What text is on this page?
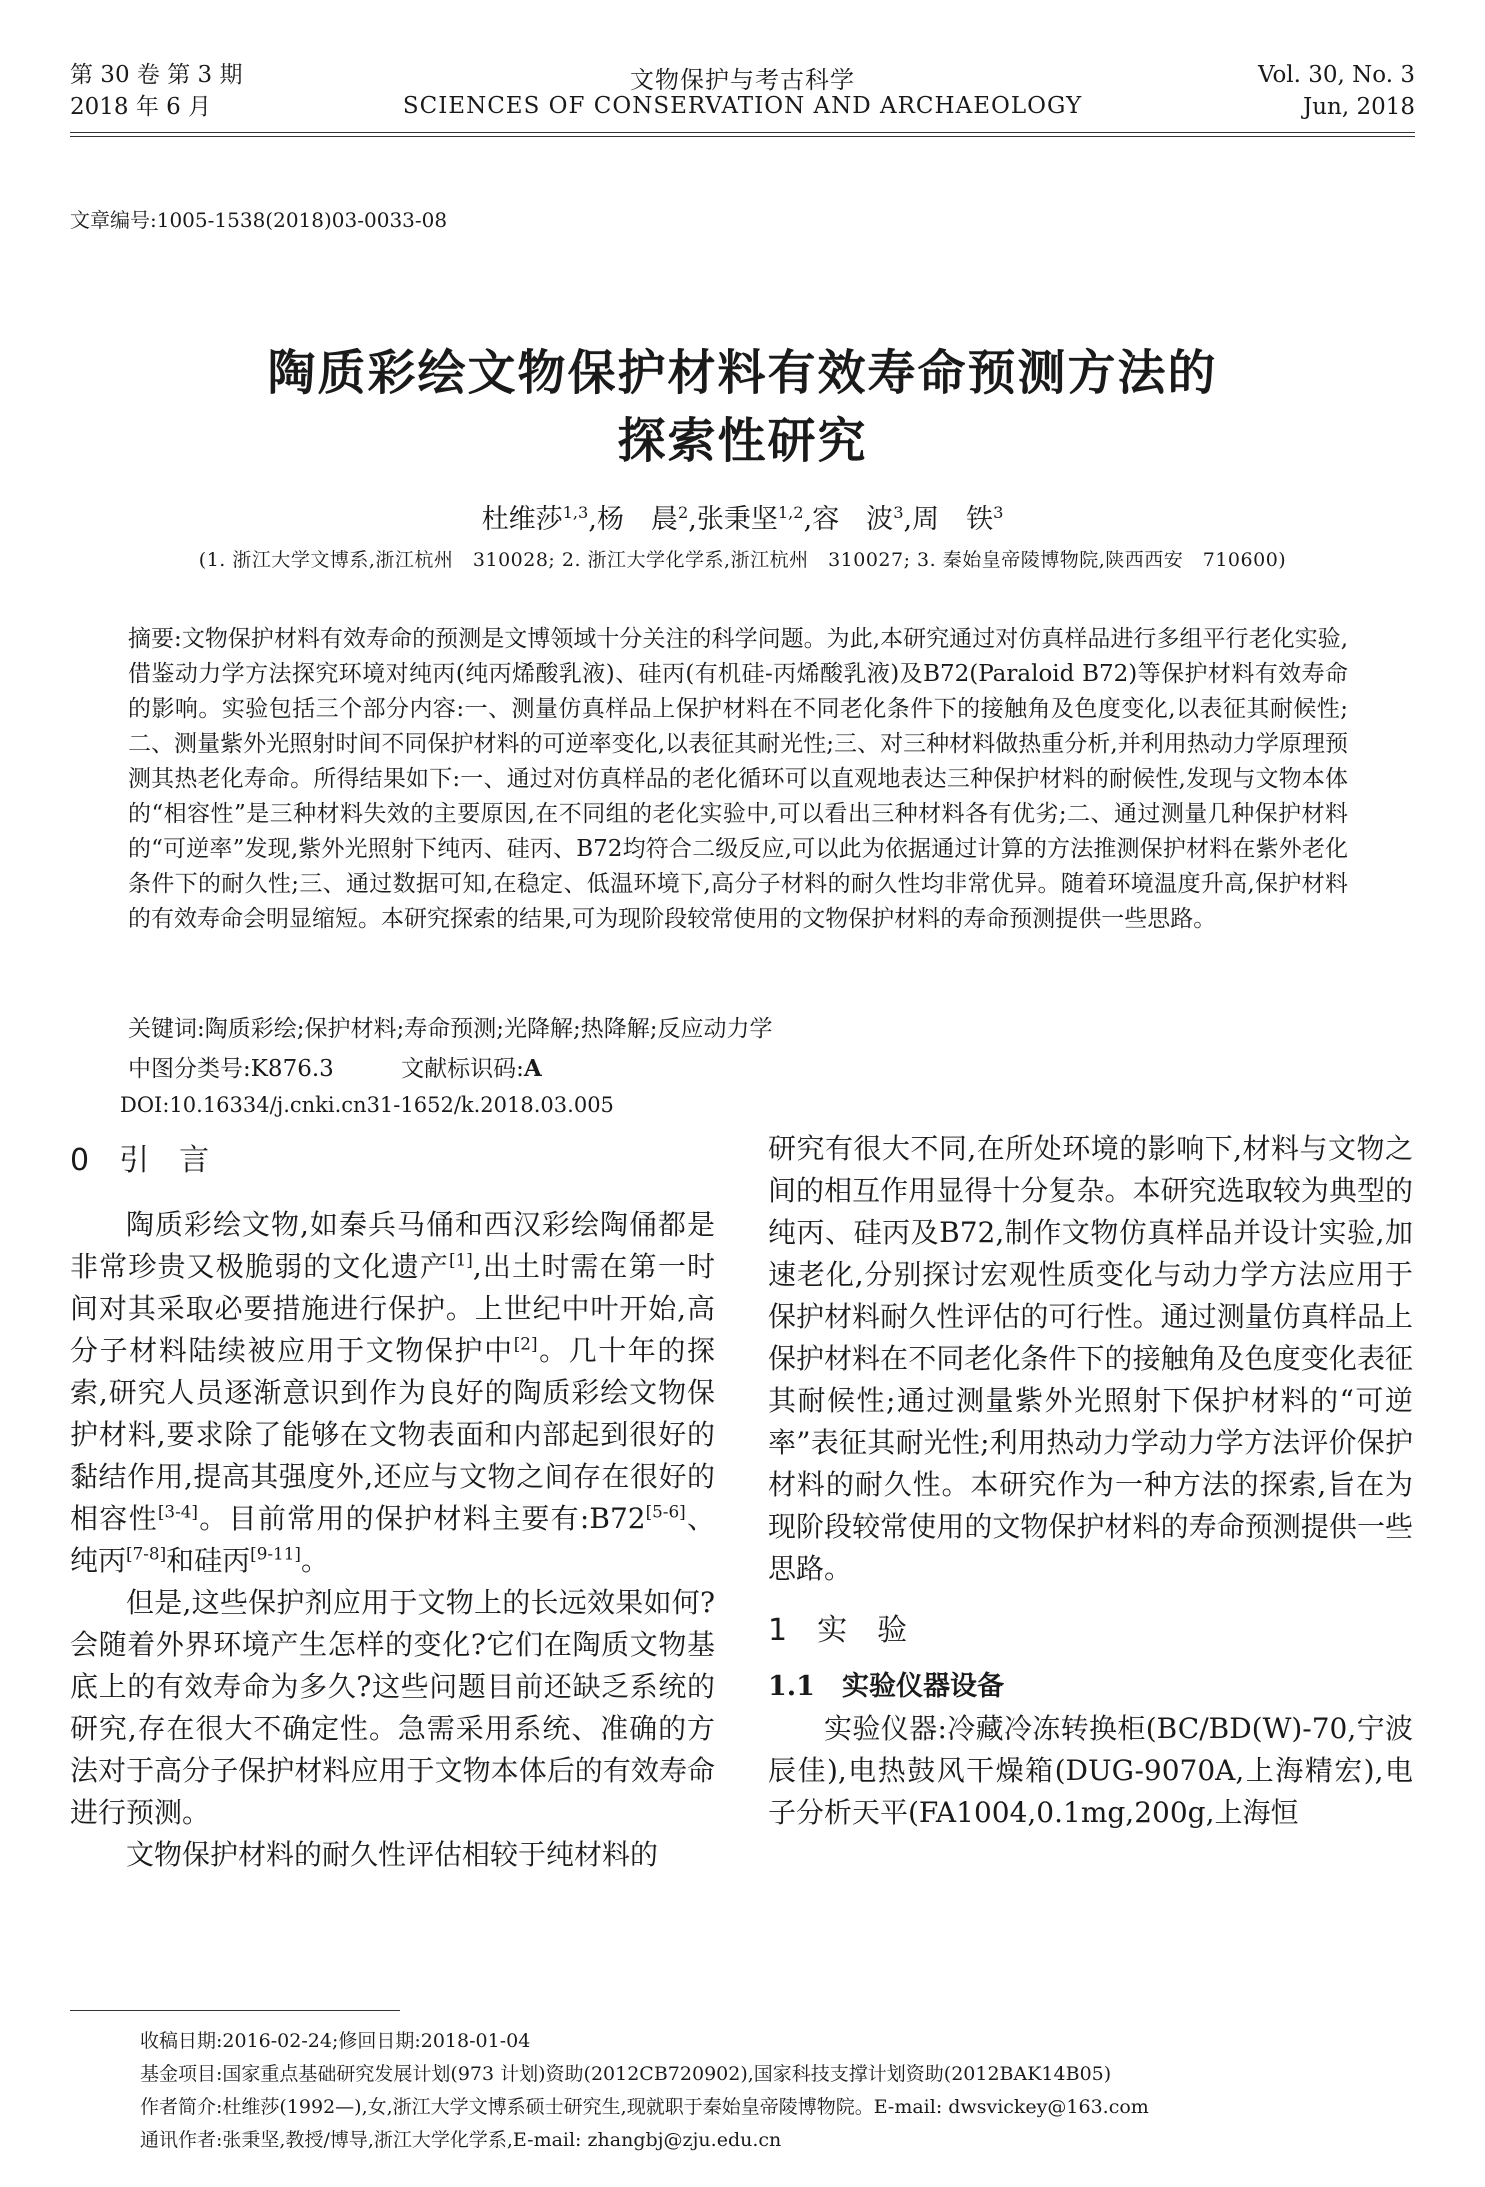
第 30 卷 第 3 期
2018 年 6 月
文物保护与考古科学
SCIENCES OF CONSERVATION AND ARCHAEOLOGY
Vol. 30, No. 3
Jun, 2018
文章编号:1005-1538(2018)03-0033-08
陶质彩绘文物保护材料有效寿命预测方法的
探索性研究
杜维莎$^{1,3}$,杨　晨$^2$,张秉坚$^{1,2}$,容　波$^3$,周　铁$^3$
(1. 浙江大学文博系,浙江杭州　310028; 2. 浙江大学化学系,浙江杭州　310027; 3. 秦始皇帝陵博物院,陕西西安　710600)
摘要:文物保护材料有效寿命的预测是文博领域十分关注的科学问题。为此,本研究通过对仿真样品进行多组平行老化实验,借鉴动力学方法探究环境对纯丙(纯丙烯酸乳液)、硅丙(有机硅-丙烯酸乳液)及B72(Paraloid B72)等保护材料有效寿命的影响。实验包括三个部分内容:一、测量仿真样品上保护材料在不同老化条件下的接触角及色度变化,以表征其耐候性;二、测量紫外光照射时间不同保护材料的可逆率变化,以表征其耐光性;三、对三种材料做热重分析,并利用热动力学原理预测其热老化寿命。所得结果如下:一、通过对仿真样品的老化循环可以直观地表达三种保护材料的耐候性,发现与文物本体的“相容性”是三种材料失效的主要原因,在不同组的老化实验中,可以看出三种材料各有优劣;二、通过测量几种保护材料的“可逆率”发现,紫外光照射下纯丙、硅丙、B72均符合二级反应,可以此为依据通过计算的方法推测保护材料在紫外老化条件下的耐久性;三、通过数据可知,在稳定、低温环境下,高分子材料的耐久性均非常优异。随着环境温度升高,保护材料的有效寿命会明显缩短。本研究探索的结果,可为现阶段较常使用的文物保护材料的寿命预测提供一些思路。
关键词:陶质彩绘;保护材料;寿命预测;光降解;热降解;反应动力学
中图分类号:K876.3	文献标识码:A
DOI:10.16334/j.cnki.cn31-1652/k.2018.03.005
0　引　言

陶质彩绘文物,如秦兵马俑和西汉彩绘陶俑都是非常珍贵又极脆弱的文化遗产[1],出土时需在第一时间对其采取必要措施进行保护。上世纪中叶开始,高分子材料陆续被应用于文物保护中[2]。几十年的探索,研究人员逐渐意识到作为良好的陶质彩绘文物保护材料,要求除了能够在文物表面和内部起到很好的黏结作用,提高其强度外,还应与文物之间存在很好的相容性[3-4]。目前常用的保护材料主要有:B72[5-6]、纯丙[7-8]和硅丙[9-11]。

但是,这些保护剂应用于文物上的长远效果如何?会随着外界环境产生怎样的变化?它们在陶质文物基底上的有效寿命为多久?这些问题目前还缺乏系统的研究,存在很大不确定性。急需采用系统、准确的方法对于高分子保护材料应用于文物本体后的有效寿命进行预测。

文物保护材料的耐久性评估相较于纯材料的

研究有很大不同,在所处环境的影响下,材料与文物之间的相互作用显得十分复杂。本研究选取较为典型的纯丙、硅丙及B72,制作文物仿真样品并设计实验,加速老化,分别探讨宏观性质变化与动力学方法应用于保护材料耐久性评估的可行性。通过测量仿真样品上保护材料在不同老化条件下的接触角及色度变化表征其耐候性;通过测量紫外光照射下保护材料的“可逆率”表征其耐光性;利用热动力学动力学方法评价保护材料的耐久性。本研究作为一种方法的探索,旨在为现阶段较常使用的文物保护材料的寿命预测提供一些思路。

1　实　验
1.1　实验仪器设备

实验仪器:冷藏冷冻转换柜(BC/BD(W)-70,宁波辰佳),电热鼓风干燥箱(DUG-9070A,上海精宏),电子分析天平(FA1004,0.1mg,200g,上海恒

收稿日期:2016-02-24;修回日期:2018-01-04
基金项目:国家重点基础研究发展计划(973 计划)资助(2012CB720902),国家科技支撑计划资助(2012BAK14B05)
作者简介:杜维莎(1992—),女,浙江大学文博系硕士研究生,现就职于秦始皇帝陵博物院。E-mail: dwsvickey@163.com
通讯作者:张秉坚,教授/博导,浙江大学化学系,E-mail: zhangbj@zju.edu.cn
